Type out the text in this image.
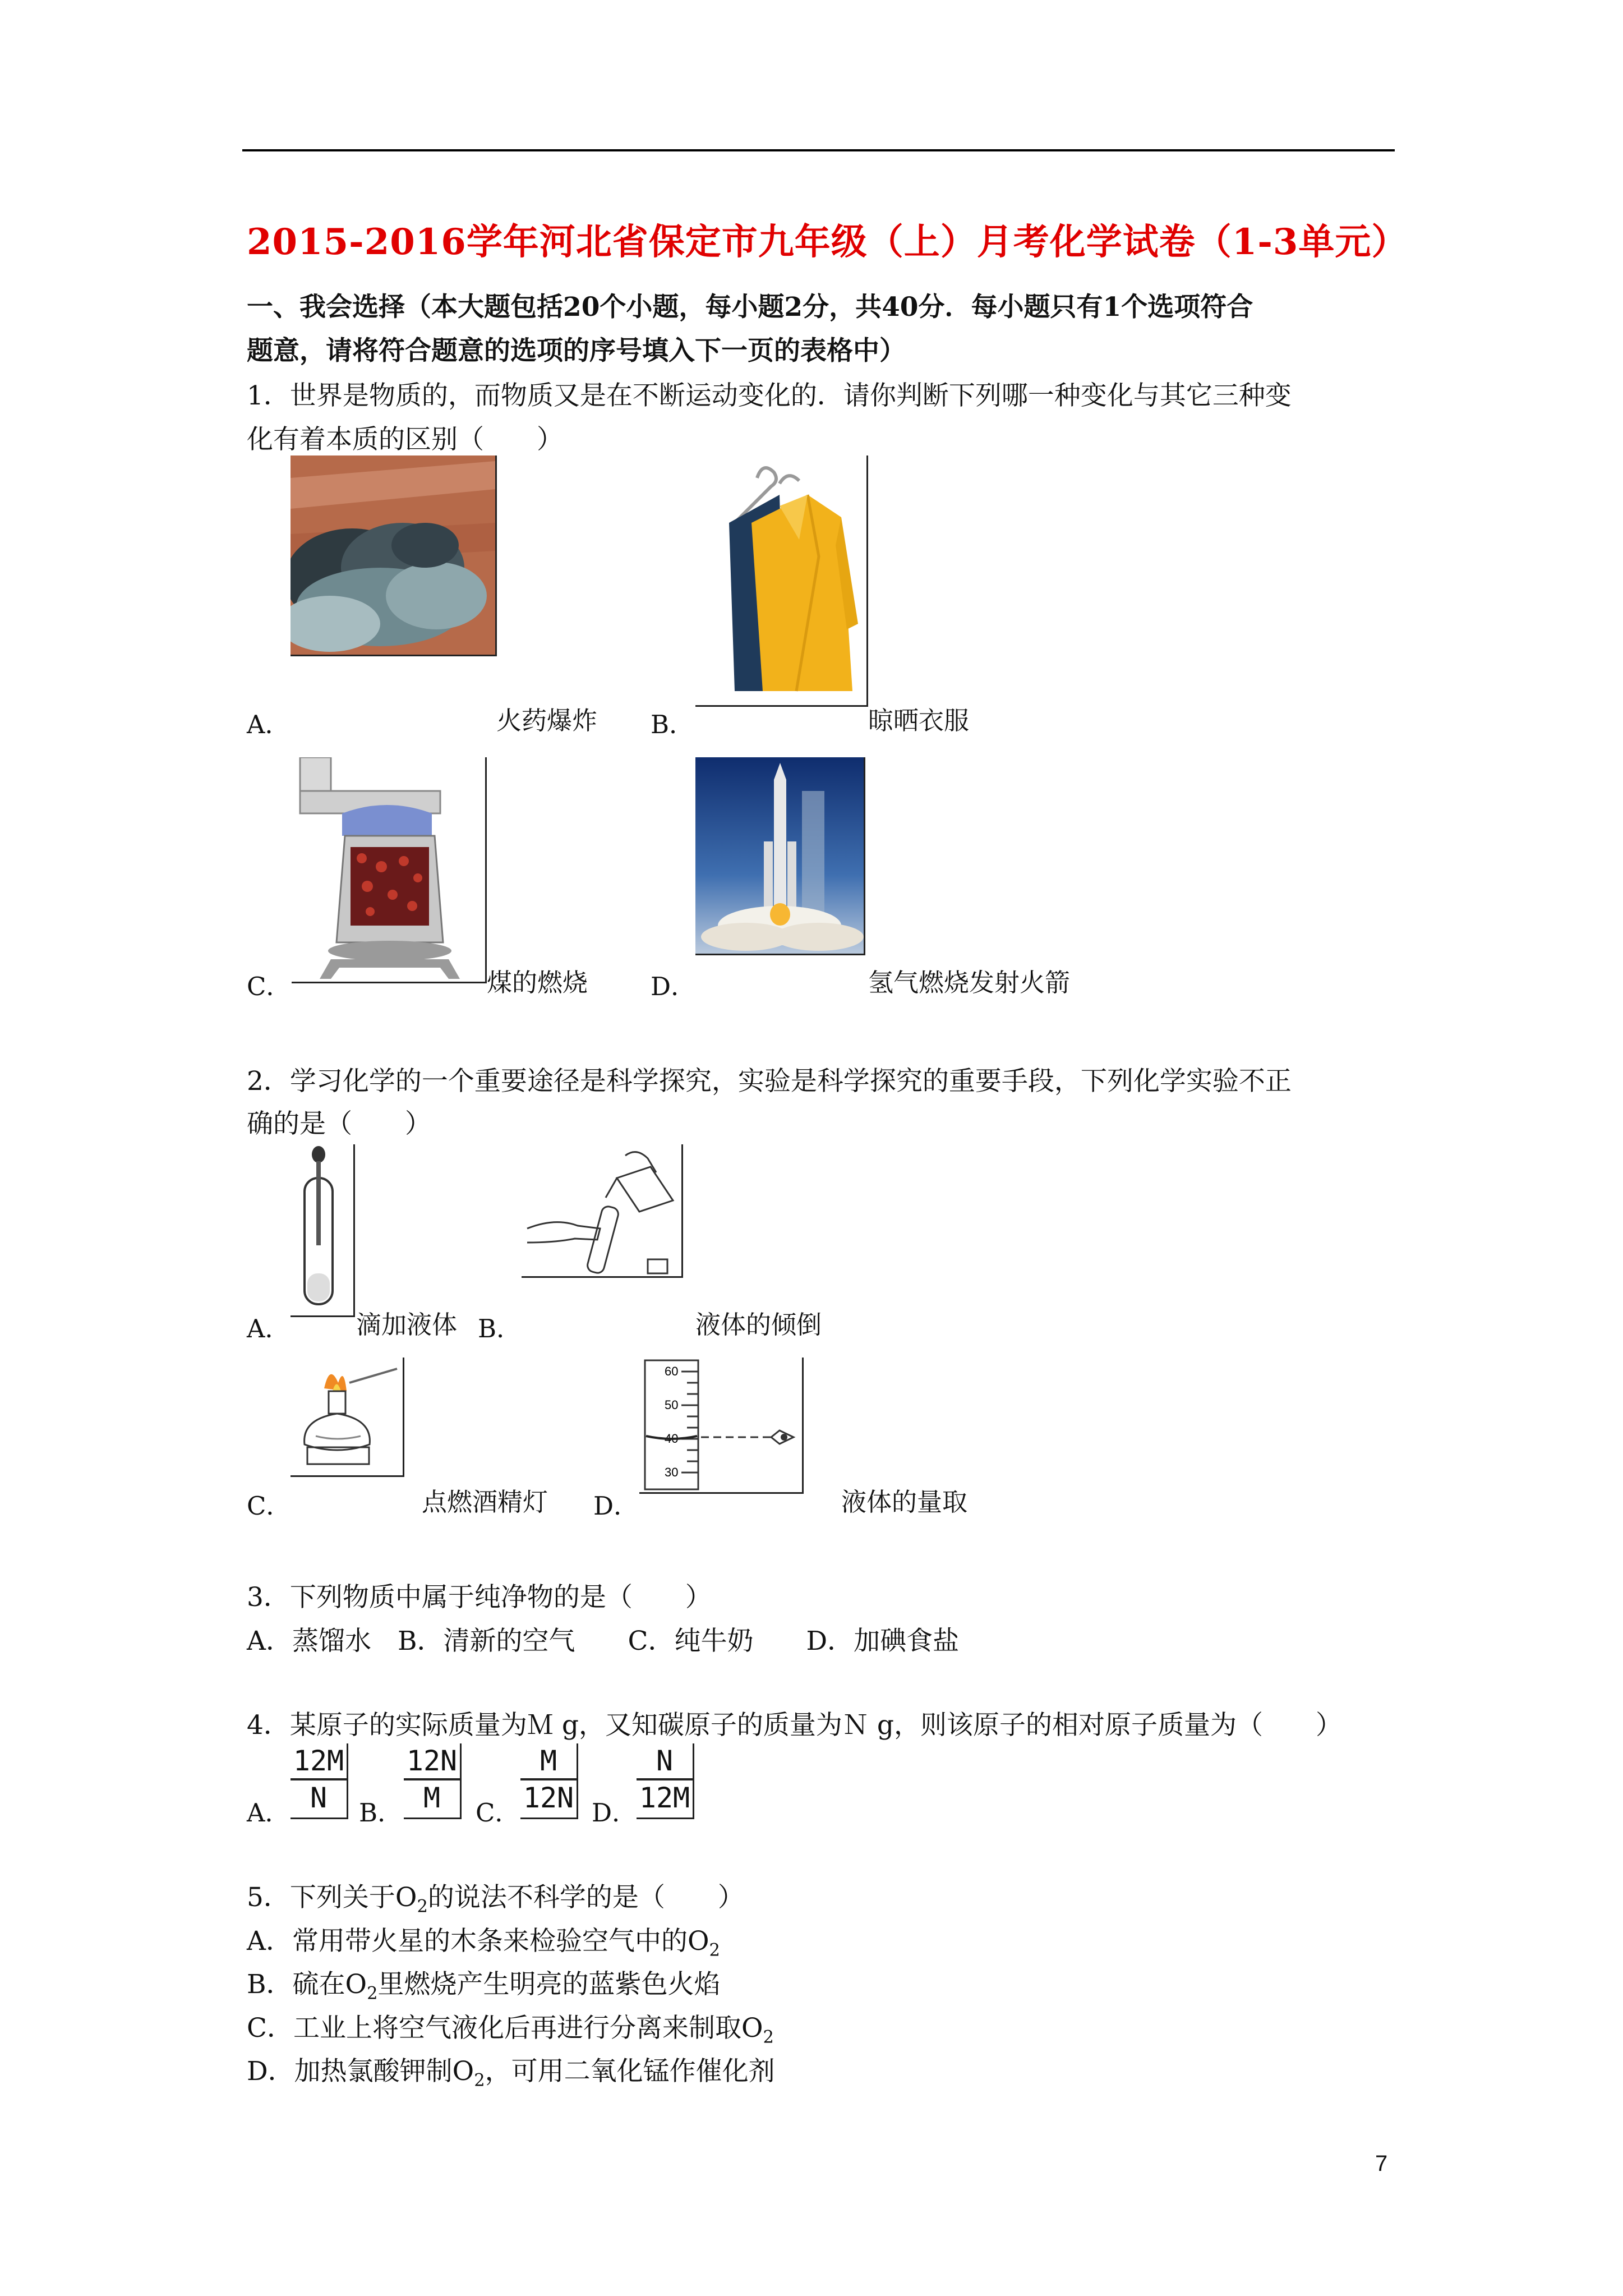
2015-2016学年河北省保定市九年级（上）月考化学试卷（1-3单元）
一、我会选择（本大题包括20个小题，每小题2分，共40分．每小题只有1个选项符合
题意，请将符合题意的选项的序号填入下一页的表格中）
1．世界是物质的，而物质又是在不断运动变化的．请你判断下列哪一种变化与其它三种变
化有着本质的区别（　　）
A．	火药爆炸 B．	晾晒衣服
C．	煤的燃烧 D．	氢气燃烧发射火箭
2．学习化学的一个重要途径是科学探究，实验是科学探究的重要手段，下列化学实验不正
确的是（　　）
A．	滴加液体 B．	液体的倾倒
C．	点燃酒精灯 D．
60
50
40
30
液体的量取
3．下列物质中属于纯净物的是（　　）
A．蒸馏水　B．清新的空气　　C．纯牛奶　　D．加碘食盐
4．某原子的实际质量为Ｍ g，又知碳原子的质量为Ｎ g，则该原子的相对原子质量为（　　）
A． $\frac{12M}{N}$ B． $\frac{12N}{M}$ C． $\frac{M}{12N}$ D．
$\frac{N}{12M}$
5．下列关于$O_2$的说法不科学的是（　　）
A．常用带火星的木条来检验空气中的$O_2$
B．硫在$O_2$里燃烧产生明亮的蓝紫色火焰
C．工业上将空气液化后再进行分离来制取$O_2$
D．加热氯酸钾制$O_2$，可用二氧化锰作催化剂
7
